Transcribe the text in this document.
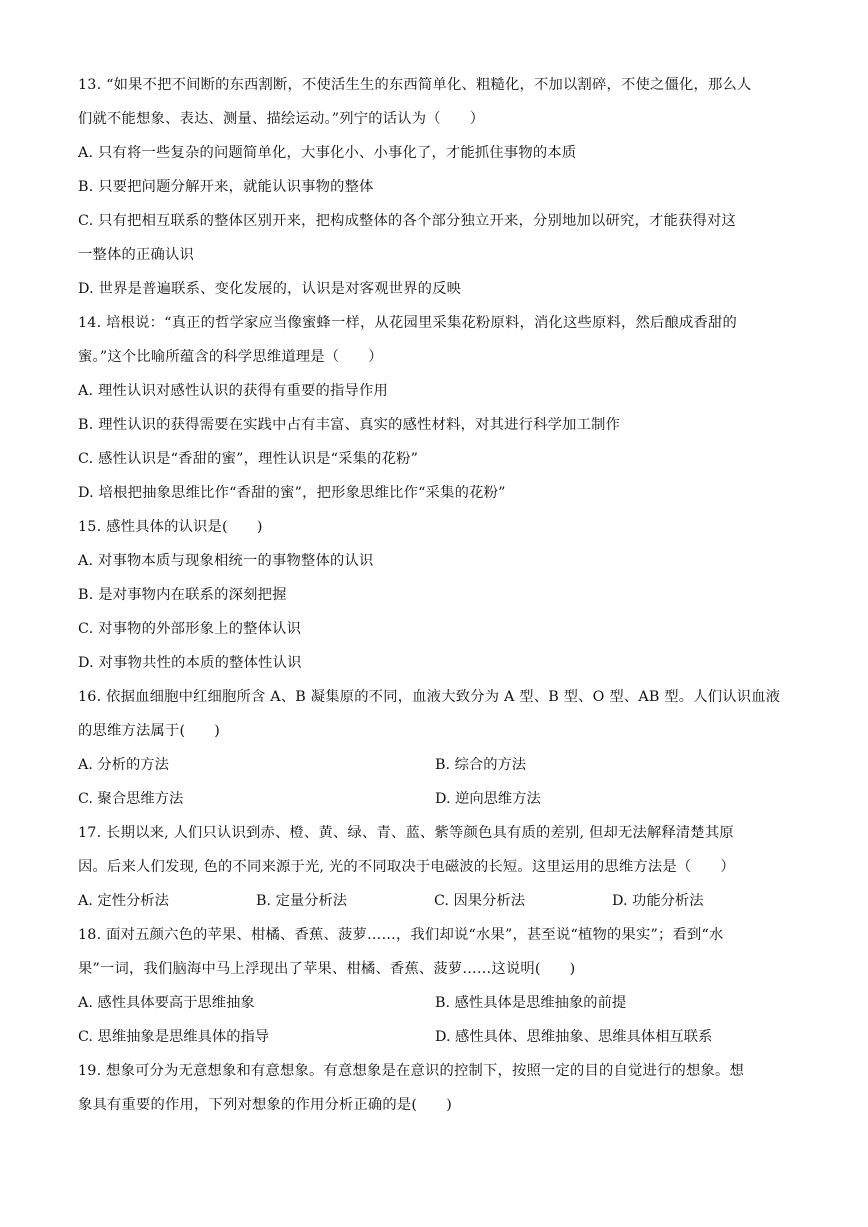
13. “如果不把不间断的东西割断，不使活生生的东西简单化、粗糙化，不加以割碎，不使之僵化，那么人
们就不能想象、表达、测量、描绘运动。”列宁的话认为（　　）
A. 只有将一些复杂的问题简单化，大事化小、小事化了，才能抓住事物的本质
B. 只要把问题分解开来，就能认识事物的整体
C. 只有把相互联系的整体区别开来，把构成整体的各个部分独立开来，分别地加以研究，才能获得对这
一整体的正确认识
D. 世界是普遍联系、变化发展的，认识是对客观世界的反映
14. 培根说：“真正的哲学家应当像蜜蜂一样，从花园里采集花粉原料，消化这些原料，然后酿成香甜的
蜜。”这个比喻所蕴含的科学思维道理是（　　）
A. 理性认识对感性认识的获得有重要的指导作用
B. 理性认识的获得需要在实践中占有丰富、真实的感性材料，对其进行科学加工制作
C. 感性认识是“香甜的蜜”，理性认识是“采集的花粉”
D. 培根把抽象思维比作“香甜的蜜”，把形象思维比作“采集的花粉”
15. 感性具体的认识是(　　)
A. 对事物本质与现象相统一的事物整体的认识
B. 是对事物内在联系的深刻把握
C. 对事物的外部形象上的整体认识
D. 对事物共性的本质的整体性认识
16. 依据血细胞中红细胞所含 A、B 凝集原的不同，血液大致分为 A 型、B 型、O 型、AB 型。人们认识血液
的思维方法属于(　　)
A. 分析的方法	B. 综合的方法
C. 聚合思维方法	D. 逆向思维方法
17. 长期以来, 人们只认识到赤、橙、黄、绿、青、蓝、紫等颜色具有质的差别, 但却无法解释清楚其原
因。后来人们发现, 色的不同来源于光, 光的不同取决于电磁波的长短。这里运用的思维方法是（　　）
A. 定性分析法	B. 定量分析法	C. 因果分析法	D. 功能分析法
18. 面对五颜六色的苹果、柑橘、香蕉、菠萝……，我们却说“水果”，甚至说“植物的果实”；看到“水
果”一词，我们脑海中马上浮现出了苹果、柑橘、香蕉、菠萝……这说明(　　)
A. 感性具体要高于思维抽象	B. 感性具体是思维抽象的前提
C. 思维抽象是思维具体的指导	D. 感性具体、思维抽象、思维具体相互联系
19. 想象可分为无意想象和有意想象。有意想象是在意识的控制下，按照一定的目的自觉进行的想象。想
象具有重要的作用，下列对想象的作用分析正确的是(　　)
